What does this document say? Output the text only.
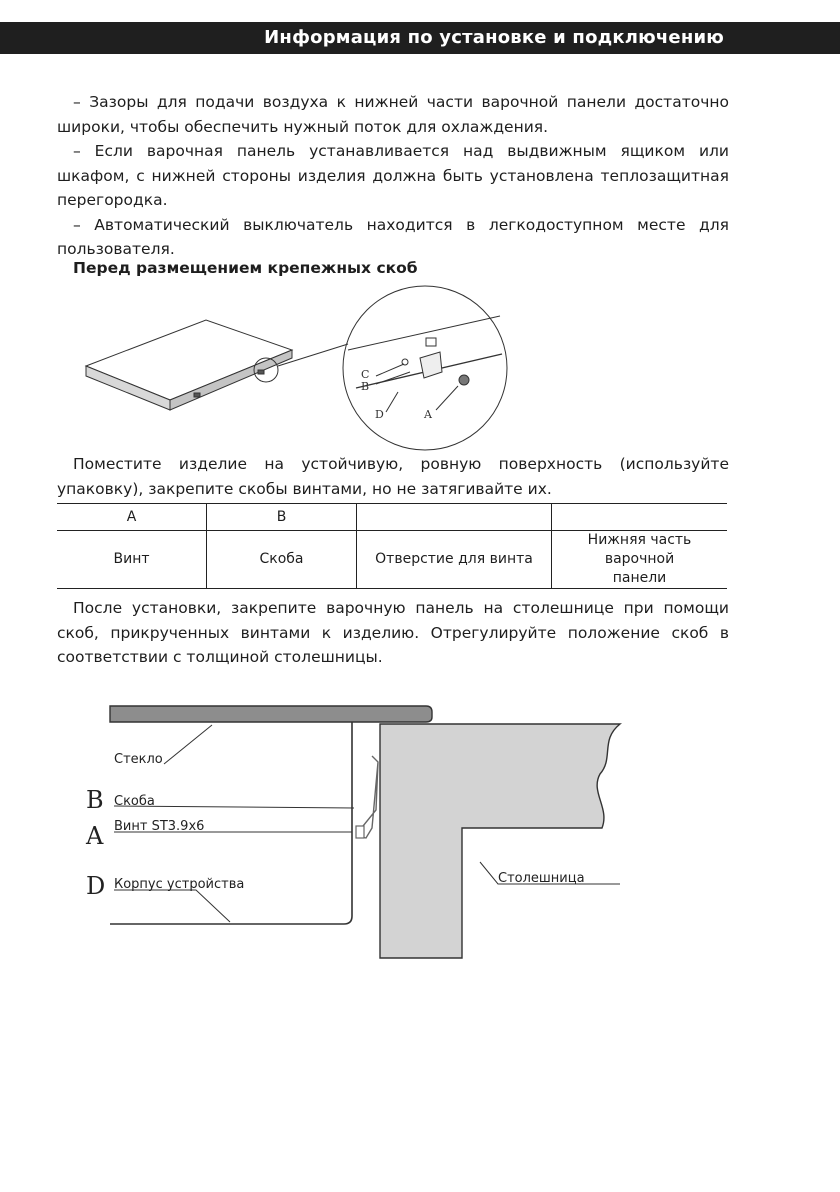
Информация по установке и подключению

– Зазоры для подачи воздуха к нижней части варочной панели достаточно широки, чтобы обеспечить нужный поток для охлаждения.

– Если варочная панель устанавливается над выдвижным ящиком или шкафом, с нижней стороны изделия должна быть установлена теплозащитная перегородка.

– Автоматический выключатель находится в легкодоступном месте для пользователя.

Перед размещением крепежных скоб
C
B
D	A

Поместите изделие на устойчивую, ровную поверхность (используйте упаковку), закрепите скобы винтами, но не затягивайте их.

A	B		
Винт	Скоба	Отверстие для винта	Нижняя часть варочной панели

После установки, закрепите варочную панель на столешнице при помощи скоб, прикрученных винтами к изделию. Отрегулируйте положение скоб в соответствии с толщиной столешницы.

Стекло
B Скоба
A Винт ST3.9x6
D Корпус устройства	Столешница
